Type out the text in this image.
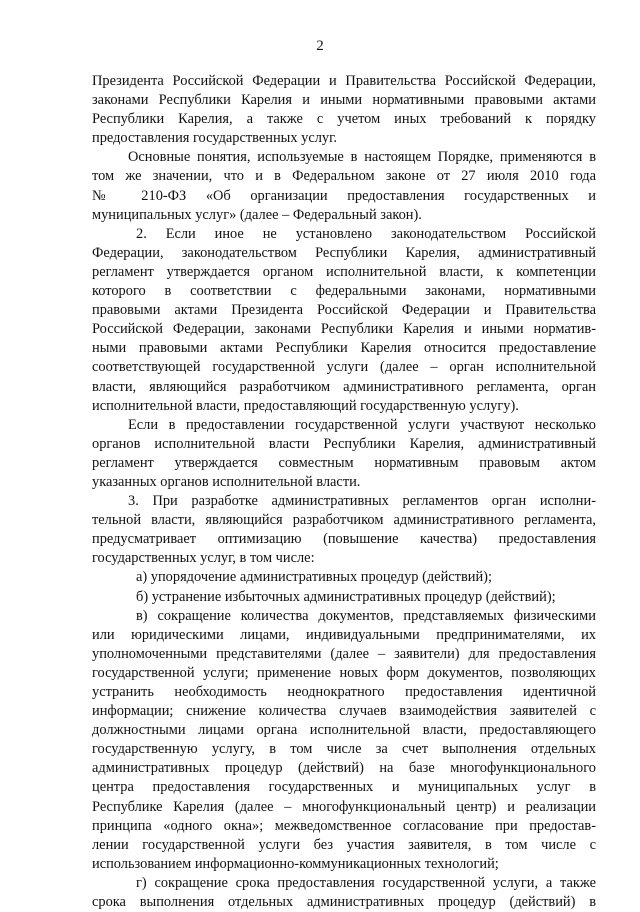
2
Президента Российской Федерации и Правительства Российской Федерации,
законами Республики Карелия и иными нормативными правовыми актами
Республики Карелия, а также с учетом иных требований к порядку
предоставления государственных услуг.
Основные понятия, используемые в настоящем Порядке, применяются в
том же значении, что и в Федеральном законе от 27 июля 2010 года
№ 210-ФЗ «Об организации предоставления государственных и
муниципальных услуг» (далее – Федеральный закон).
2. Если иное не установлено законодательством Российской
Федерации, законодательством Республики Карелия, административный
регламент утверждается органом исполнительной власти, к компетенции
которого в соответствии с федеральными законами, нормативными
правовыми актами Президента Российской Федерации и Правительства
Российской Федерации, законами Республики Карелия и иными норматив-
ными правовыми актами Республики Карелия относится предоставление
соответствующей государственной услуги (далее – орган исполнительной
власти, являющийся разработчиком административного регламента, орган
исполнительной власти, предоставляющий государственную услугу).
Если в предоставлении государственной услуги участвуют несколько
органов исполнительной власти Республики Карелия, административный
регламент утверждается совместным нормативным правовым актом
указанных органов исполнительной власти.
3. При разработке административных регламентов орган исполни-
тельной власти, являющийся разработчиком административного регламента,
предусматривает оптимизацию (повышение качества) предоставления
государственных услуг, в том числе:
а) упорядочение административных процедур (действий);
б) устранение избыточных административных процедур (действий);
в) сокращение количества документов, представляемых физическими
или юридическими лицами, индивидуальными предпринимателями, их
уполномоченными представителями (далее – заявители) для предоставления
государственной услуги; применение новых форм документов, позволяющих
устранить необходимость неоднократного предоставления идентичной
информации; снижение количества случаев взаимодействия заявителей с
должностными лицами органа исполнительной власти, предоставляющего
государственную услугу, в том числе за счет выполнения отдельных
административных процедур (действий) на базе многофункционального
центра предоставления государственных и муниципальных услуг в
Республике Карелия (далее – многофункциональный центр) и реализации
принципа «одного окна»; межведомственное согласование при предостав-
лении государственной услуги без участия заявителя, в том числе с
использованием информационно-коммуникационных технологий;
г) сокращение срока предоставления государственной услуги, а также
срока выполнения отдельных административных процедур (действий) в
